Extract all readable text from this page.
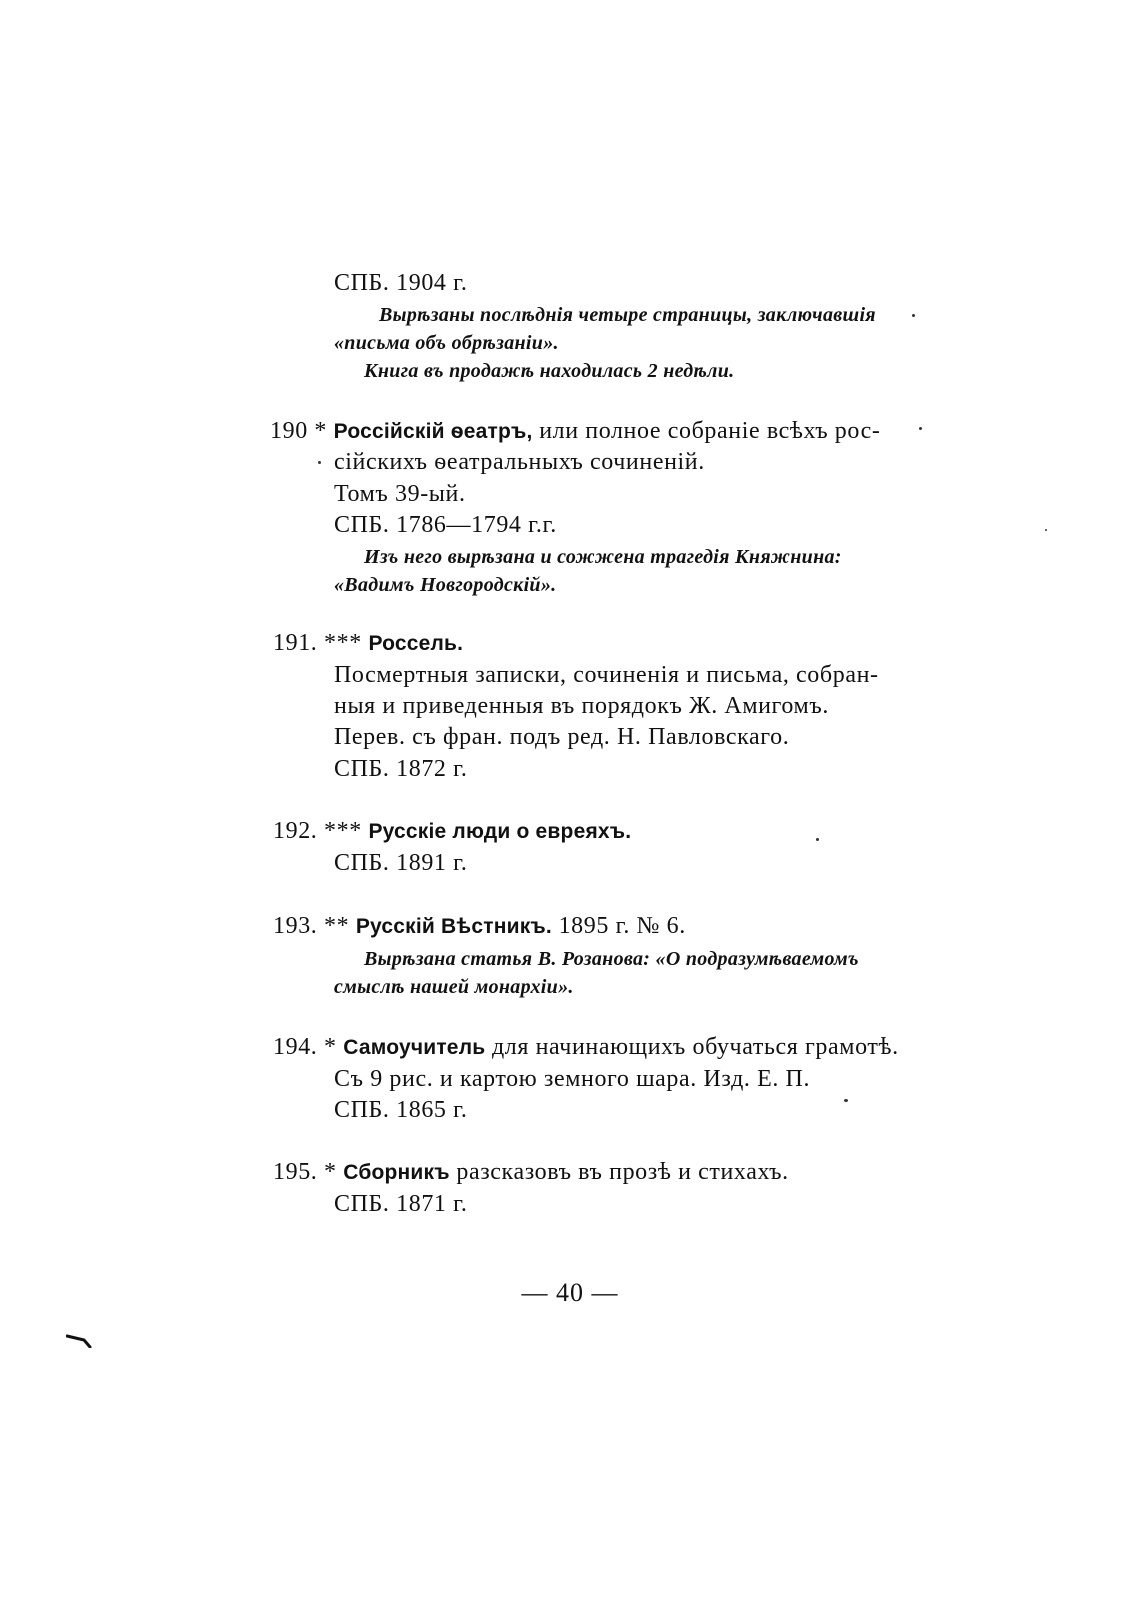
СПБ. 1904 г.
Вырѣзаны послѣднія четыре страницы, заключавшія
«письма объ обрѣзаніи».
Книга въ продажѣ находилась 2 недѣли.
190 * Россійскій ѳеатръ, или полное собраніе всѣхъ рос-
сійскихъ ѳеатральныхъ сочиненій.
Томъ 39-ый.
СПБ. 1786—1794 г.г.
Изъ него вырѣзана и сожжена трагедія Княжнина:
«Вадимъ Новгородскій».
191. *** Россель.
Посмертныя записки, сочиненія и письма, собран-
ныя и приведенныя въ порядокъ Ж. Амигомъ.
Перев. съ фран. подъ ред. Н. Павловскаго.
СПБ. 1872 г.
192. *** Русскіе люди о евреяхъ.
СПБ. 1891 г.
193. ** Русскій Вѣстникъ. 1895 г. № 6.
Вырѣзана статья В. Розанова: «О подразумѣваемомъ
смыслѣ нашей монархіи».
194. * Самоучитель для начинающихъ обучаться грамотѣ.
Съ 9 рис. и картою земного шара. Изд. Е. П.
СПБ. 1865 г.
195. * Сборникъ разсказовъ въ прозѣ и стихахъ.
СПБ. 1871 г.
— 40 —
